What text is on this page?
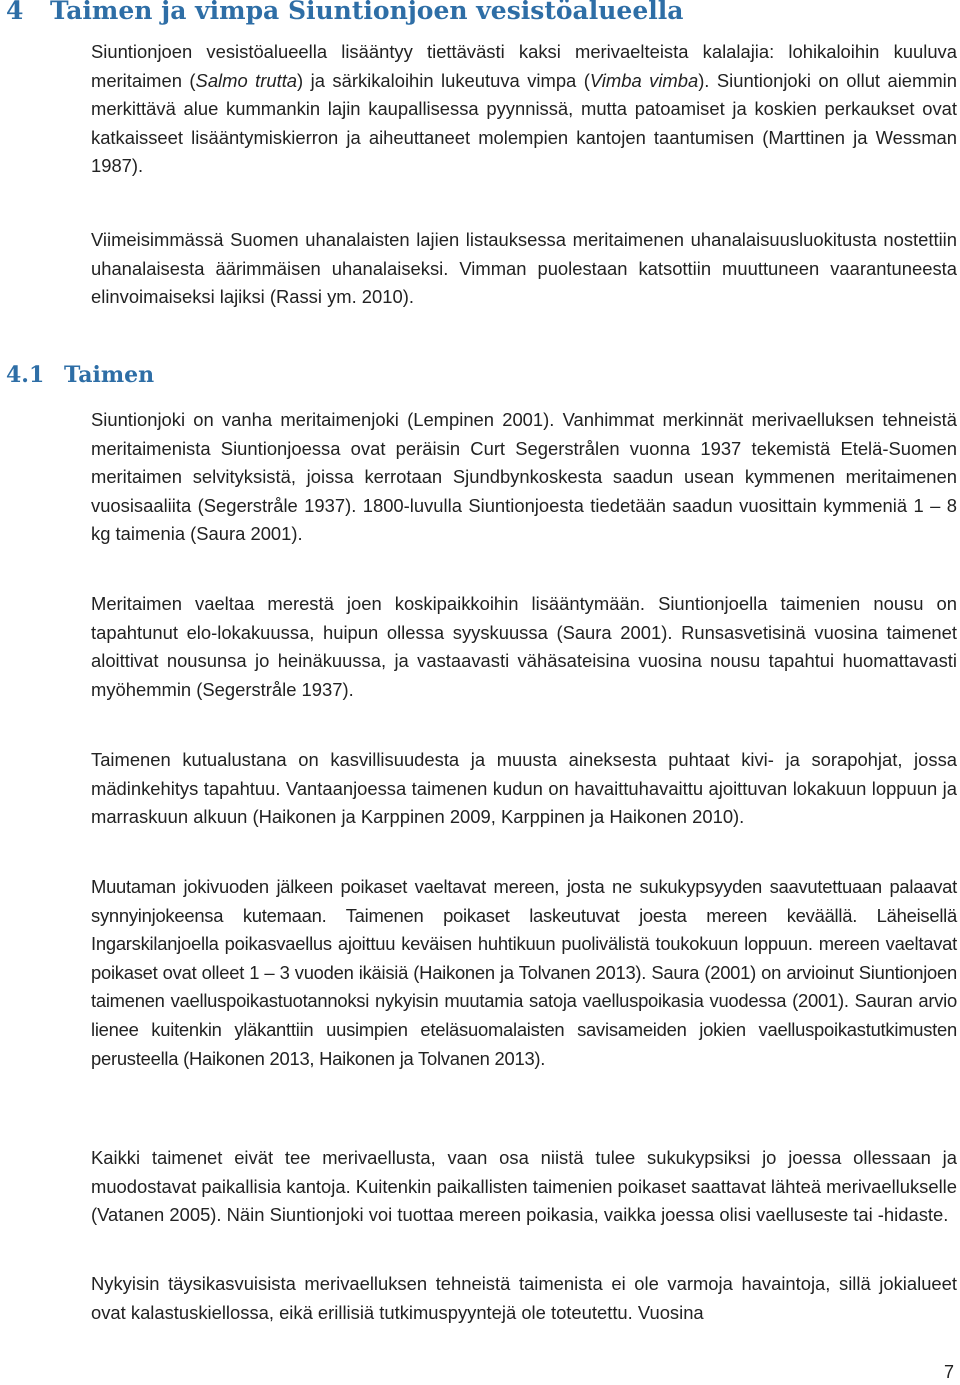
4 Taimen ja vimpa Siuntionjoen vesistöalueella

Siuntionjoen vesistöalueella lisääntyy tiettävästi kaksi merivaelteista kalalajia: lohikaloihin kuuluva meritaimen (Salmo trutta) ja särkikaloihin lukeutuva vimpa (Vimba vimba). Siuntionjoki on ollut aiemmin merkittävä alue kummankin lajin kaupallisessa pyynnissä, mutta patoamiset ja koskien perkaukset ovat katkaisseet lisääntymiskierron ja aiheuttaneet molempien kantojen taantumisen (Marttinen ja Wessman 1987).

Viimeisimmässä Suomen uhanalaisten lajien listauksessa meritaimenen uhanalaisuusluokitusta nostettiin uhanalaisesta äärimmäisen uhanalaiseksi. Vimman puolestaan katsottiin muuttuneen vaarantuneesta elinvoimaiseksi lajiksi (Rassi ym. 2010).

4.1 Taimen

Siuntionjoki on vanha meritaimenjoki (Lempinen 2001). Vanhimmat merkinnät merivaelluksen tehneistä meritaimenista Siuntionjoessa ovat peräisin Curt Segerstrålen vuonna 1937 tekemistä Etelä-Suomen meritaimen selvityksistä, joissa kerrotaan Sjundbynkoskesta saadun usean kymmenen meritaimenen vuosisaaliita (Segerstråle 1937). 1800-luvulla Siuntionjoesta tiedetään saadun vuosittain kymmeniä 1 – 8 kg taimenia (Saura 2001).

Meritaimen vaeltaa merestä joen koskipaikkoihin lisääntymään. Siuntionjoella taimenien nousu on tapahtunut elo-lokakuussa, huipun ollessa syyskuussa (Saura 2001). Runsasvetisinä vuosina taimenet aloittivat nousunsa jo heinäkuussa, ja vastaavasti vähäsateisina vuosina nousu tapahtui huomattavasti myöhemmin (Segerstråle 1937).

Taimenen kutualustana on kasvillisuudesta ja muusta aineksesta puhtaat kivi- ja sorapohjat, jossa mädinkehitys tapahtuu. Vantaanjoessa taimenen kudun on havaittuhavaittu ajoittuvan lokakuun loppuun ja marraskuun alkuun (Haikonen ja Karppinen 2009, Karppinen ja Haikonen 2010).

Muutaman jokivuoden jälkeen poikaset vaeltavat mereen, josta ne sukukypsyyden saavutettuaan palaavat synnyinjokeensa kutemaan. Taimenen poikaset laskeutuvat joesta mereen keväällä. Läheisellä Ingarskilanjoella poikasvaellus ajoittuu keväisen huhtikuun puolivälistä toukokuun loppuun. mereen vaeltavat poikaset ovat olleet 1 – 3 vuoden ikäisiä (Haikonen ja Tolvanen 2013). Saura (2001) on arvioinut Siuntionjoen taimenen vaelluspoikastuotannoksi nykyisin muutamia satoja vaelluspoikasia vuodessa (2001). Sauran arvio lienee kuitenkin yläkanttiin uusimpien eteläsuomalaisten savisameiden jokien vaelluspoikastutkimusten perusteella (Haikonen 2013, Haikonen ja Tolvanen 2013).

Kaikki taimenet eivät tee merivaellusta, vaan osa niistä tulee sukukypsiksi jo joessa ollessaan ja muodostavat paikallisia kantoja. Kuitenkin paikallisten taimenien poikaset saattavat lähteä merivaellukselle (Vatanen 2005). Näin Siuntionjoki voi tuottaa mereen poikasia, vaikka joessa olisi vaelluseste tai -hidaste.

Nykyisin täysikasvuisista merivaelluksen tehneistä taimenista ei ole varmoja havaintoja, sillä jokialueet ovat kalastuskiellossa, eikä erillisiä tutkimuspyyntejä ole toteutettu. Vuosina

7
